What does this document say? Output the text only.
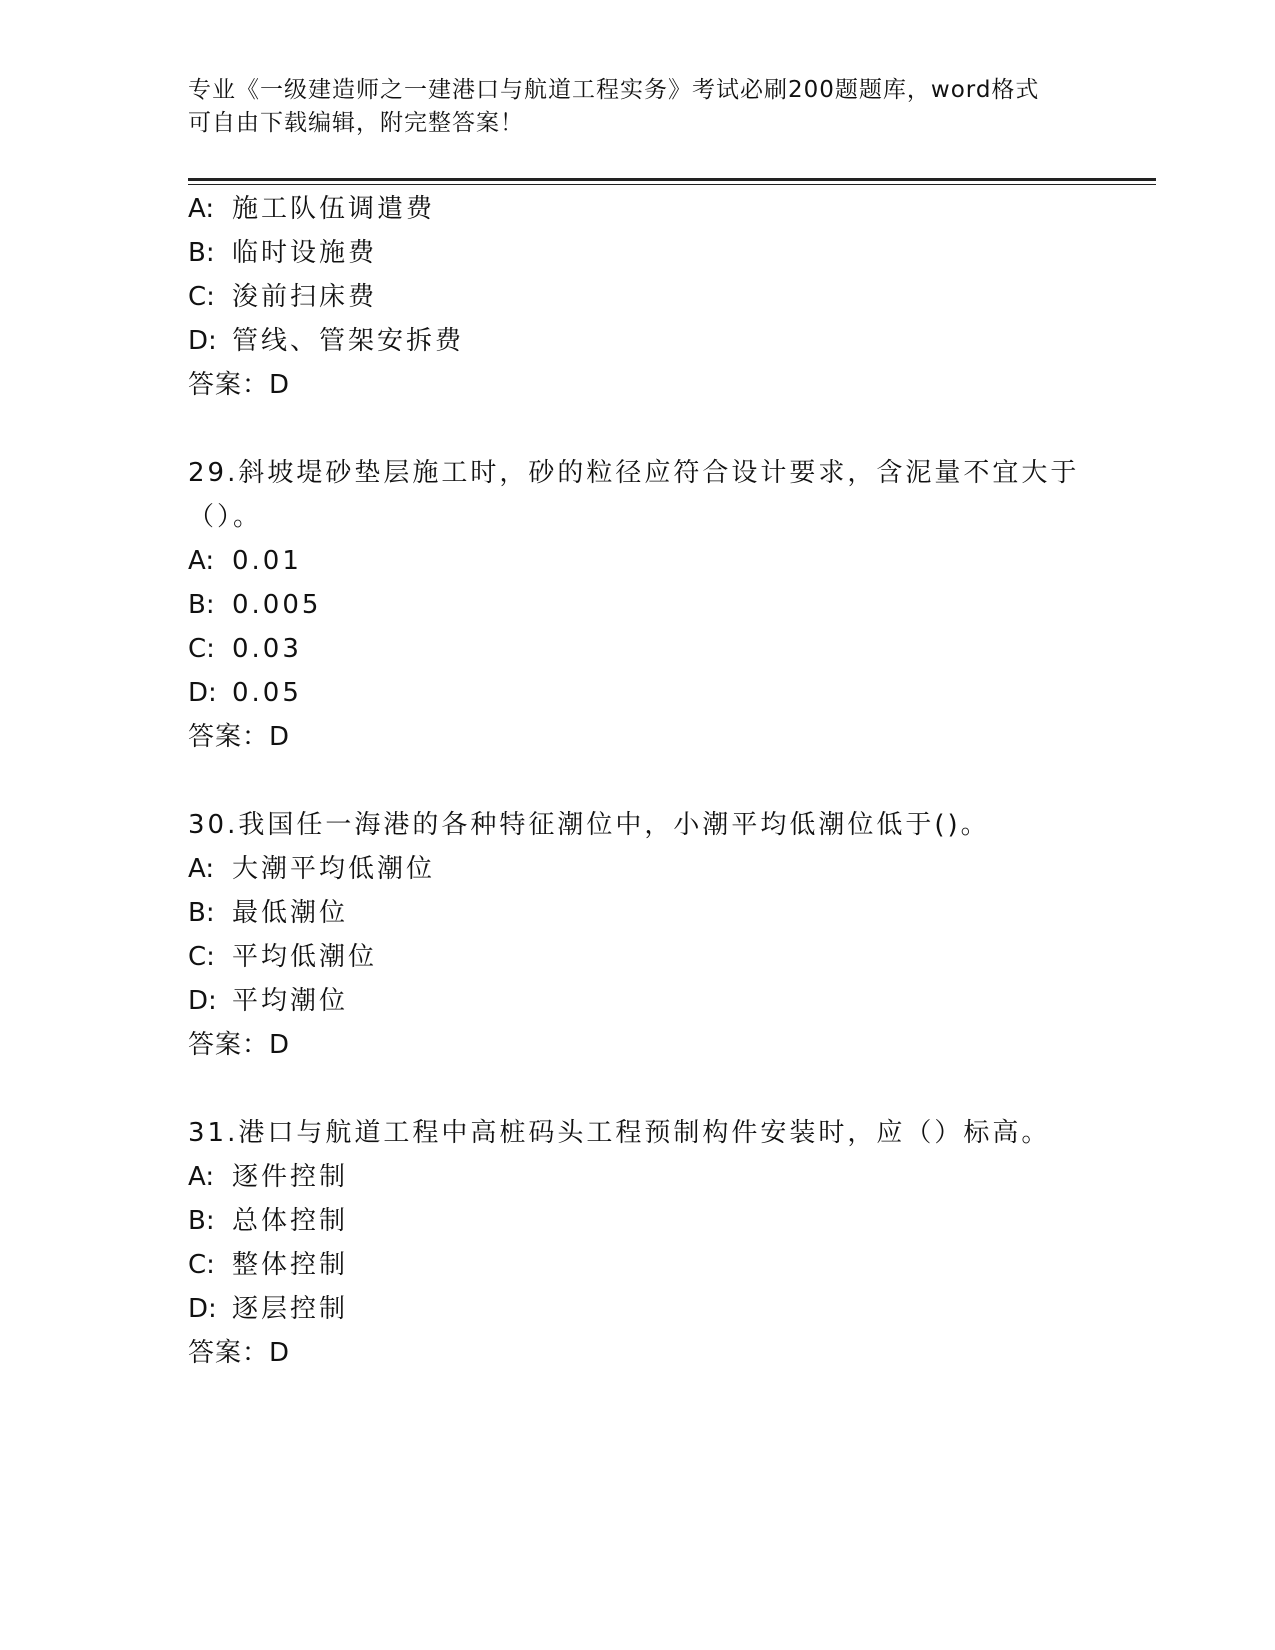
专业《一级建造师之一建港口与航道工程实务》考试必刷200题题库，word格式
可自由下载编辑，附完整答案！
A: 施工队伍调遣费
B: 临时设施费
C: 浚前扫床费
D: 管线、管架安拆费
答案：D
29.斜坡堤砂垫层施工时，砂的粒径应符合设计要求，含泥量不宜大于
（）。
A: 0.01
B: 0.005
C: 0.03
D: 0.05
答案：D
30.我国任一海港的各种特征潮位中，小潮平均低潮位低于()。
A: 大潮平均低潮位
B: 最低潮位
C: 平均低潮位
D: 平均潮位
答案：D
31.港口与航道工程中高桩码头工程预制构件安装时，应（）标高。
A: 逐件控制
B: 总体控制
C: 整体控制
D: 逐层控制
答案：D
